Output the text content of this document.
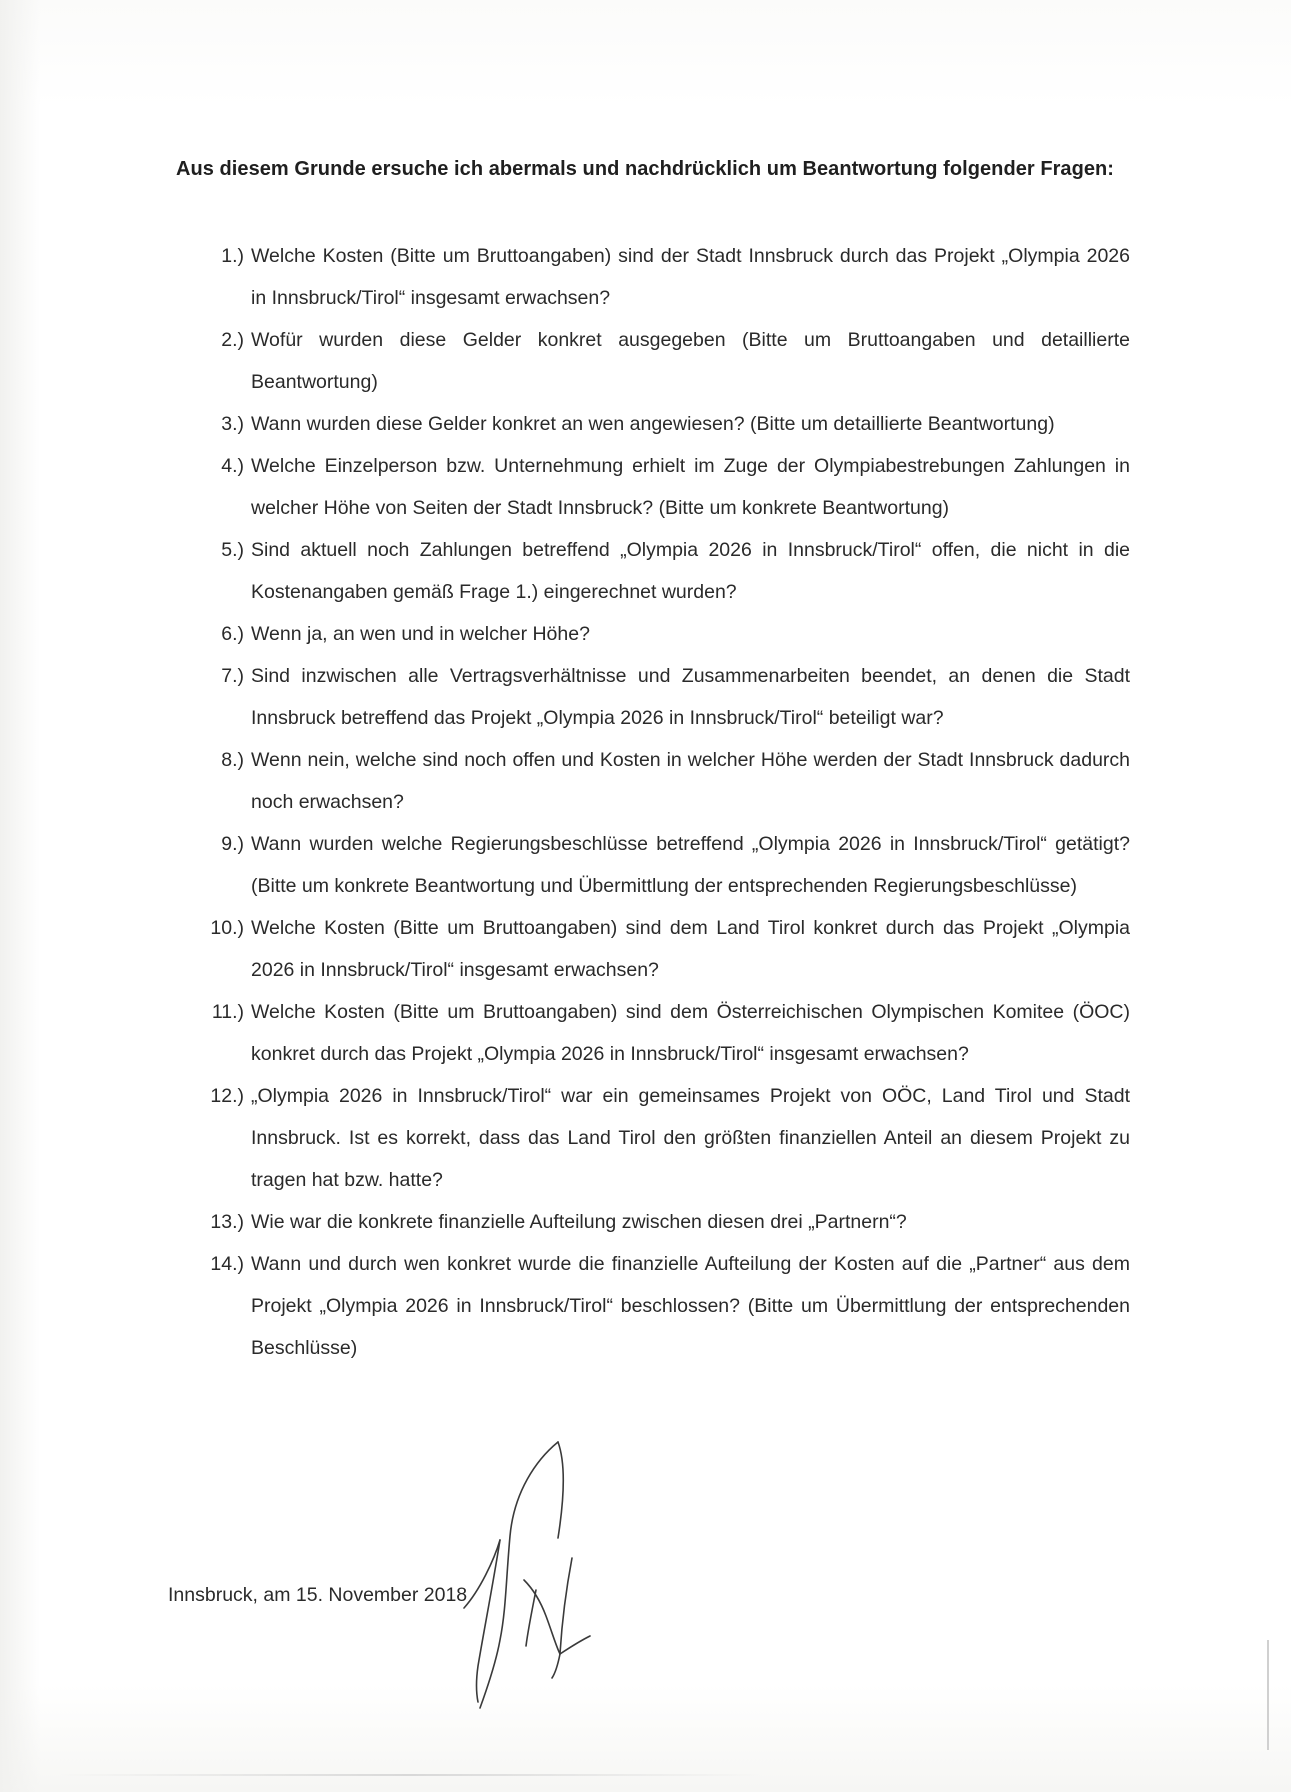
Aus diesem Grunde ersuche ich abermals und nachdrücklich um Beantwortung folgender Fragen:
1.) Welche Kosten (Bitte um Bruttoangaben) sind der Stadt Innsbruck durch das Projekt „Olympia 2026 in Innsbruck/Tirol“ insgesamt erwachsen?
2.) Wofür wurden diese Gelder konkret ausgegeben (Bitte um Bruttoangaben und detaillierte Beantwortung)
3.) Wann wurden diese Gelder konkret an wen angewiesen? (Bitte um detaillierte Beantwortung)
4.) Welche Einzelperson bzw. Unternehmung erhielt im Zuge der Olympiabestrebungen Zahlungen in welcher Höhe von Seiten der Stadt Innsbruck? (Bitte um konkrete Beantwortung)
5.) Sind aktuell noch Zahlungen betreffend „Olympia 2026 in Innsbruck/Tirol“ offen, die nicht in die Kostenangaben gemäß Frage 1.) eingerechnet wurden?
6.) Wenn ja, an wen und in welcher Höhe?
7.) Sind inzwischen alle Vertragsverhältnisse und Zusammenarbeiten beendet, an denen die Stadt Innsbruck betreffend das Projekt „Olympia 2026 in Innsbruck/Tirol“ beteiligt war?
8.) Wenn nein, welche sind noch offen und Kosten in welcher Höhe werden der Stadt Innsbruck dadurch noch erwachsen?
9.) Wann wurden welche Regierungsbeschlüsse betreffend „Olympia 2026 in Innsbruck/Tirol“ getätigt? (Bitte um konkrete Beantwortung und Übermittlung der entsprechenden Regierungsbeschlüsse)
10.) Welche Kosten (Bitte um Bruttoangaben) sind dem Land Tirol konkret durch das Projekt „Olympia 2026 in Innsbruck/Tirol“ insgesamt erwachsen?
11.) Welche Kosten (Bitte um Bruttoangaben) sind dem Österreichischen Olympischen Komitee (ÖOC) konkret durch das Projekt „Olympia 2026 in Innsbruck/Tirol“ insgesamt erwachsen?
12.) „Olympia 2026 in Innsbruck/Tirol“ war ein gemeinsames Projekt von OÖC, Land Tirol und Stadt Innsbruck. Ist es korrekt, dass das Land Tirol den größten finanziellen Anteil an diesem Projekt zu tragen hat bzw. hatte?
13.) Wie war die konkrete finanzielle Aufteilung zwischen diesen drei „Partnern“?
14.) Wann und durch wen konkret wurde die finanzielle Aufteilung der Kosten auf die „Partner“ aus dem Projekt „Olympia 2026 in Innsbruck/Tirol“ beschlossen? (Bitte um Übermittlung der entsprechenden Beschlüsse)
Innsbruck, am 15. November 2018
